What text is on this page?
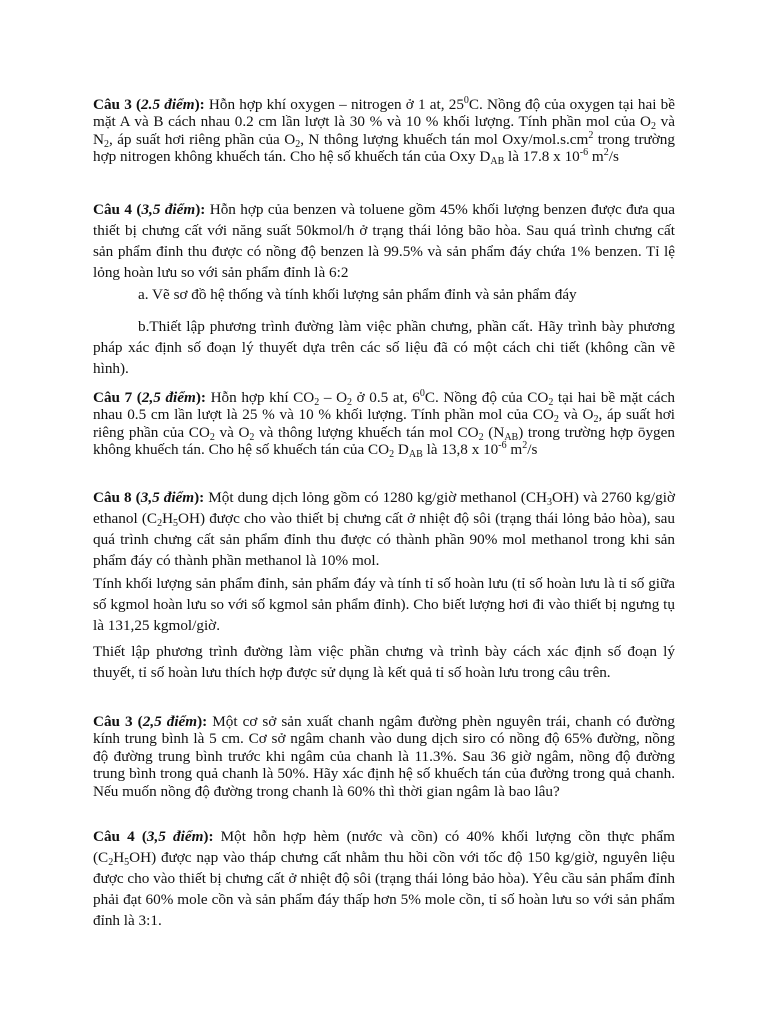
Câu 3 (2.5 điểm): Hỗn hợp khí oxygen – nitrogen ở 1 at, $25^0C$. Nồng độ của oxygen tại hai bề mặt A và B cách nhau 0.2 cm lần lượt là 30 % và 10 % khối lượng. Tính phần mol của $O_2$ và $N_2$, áp suất hơi riêng phần của $O_2$, N thông lượng khuếch tán mol Oxy/$mol.s.cm^2$ trong trường hợp nitrogen không khuếch tán. Cho hệ số khuếch tán của Oxy $D_{AB}$ là 17.8 x $10^{-6}$ $m^2/s$

Câu 4 (3,5 điểm): Hỗn hợp của benzen và toluene gồm 45% khối lượng benzen được đưa qua thiết bị chưng cất với năng suất 50kmol/h ở trạng thái lỏng bão hòa. Sau quá trình chưng cất sản phẩm đỉnh thu được có nồng độ benzen là 99.5% và sản phẩm đáy chứa 1% benzen. Tỉ lệ lỏng hoàn lưu so với sản phẩm đỉnh là 6:2

a. Vẽ sơ đồ hệ thống và tính khối lượng sản phẩm đỉnh và sản phẩm đáy

b.Thiết lập phương trình đường làm việc phần chưng, phần cất. Hãy trình bày phương pháp xác định số đoạn lý thuyết dựa trên các số liệu đã có một cách chi tiết (không cần vẽ hình).

Câu 7 (2,5 điểm): Hỗn hợp khí $CO_2 - O_2$ ở 0.5 at, $6^0C$. Nồng độ của $CO_2$ tại hai bề mặt cách nhau 0.5 cm lần lượt là 25 % và 10 % khối lượng. Tính phần mol của $CO_2$ và $O_2$, áp suất hơi riêng phần của $CO_2$ và $O_2$ và thông lượng khuếch tán mol $CO_2$ $(N_{AB})$ trong trường hợp ōygen không khuếch tán. Cho hệ số khuếch tán của $CO_2$ $D_{AB}$ là 13,8 x $10^{-6}$ $m^2/s$

Câu 8 (3,5 điểm): Một dung dịch lỏng gồm có 1280 kg/giờ methanol $(CH_3OH)$ và 2760 kg/giờ ethanol $(C_2H_5OH)$ được cho vào thiết bị chưng cất ở nhiệt độ sôi (trạng thái lỏng bảo hòa), sau quá trình chưng cất sản phẩm đỉnh thu được có thành phần 90% mol methanol trong khi sản phẩm đáy có thành phần methanol là 10% mol.

Tính khối lượng sản phẩm đỉnh, sản phẩm đáy và tính tỉ số hoàn lưu (tỉ số hoàn lưu là tỉ số giữa số kgmol hoàn lưu so với số kgmol sản phẩm đỉnh). Cho biết lượng hơi đi vào thiết bị ngưng tụ là 131,25 kgmol/giờ.

Thiết lập phương trình đường làm việc phần chưng và trình bày cách xác định số đoạn lý thuyết, tỉ số hoàn lưu thích hợp được sử dụng là kết quả tỉ số hoàn lưu trong câu trên.

Câu 3 (2,5 điểm): Một cơ sở sản xuất chanh ngâm đường phèn nguyên trái, chanh có đường kính trung bình là 5 cm. Cơ sở ngâm chanh vào dung dịch siro có nồng độ 65% đường, nồng độ đường trung bình trước khi ngâm của chanh là 11.3%. Sau 36 giờ ngâm, nồng độ đường trung bình trong quả chanh là 50%. Hãy xác định hệ số khuếch tán của đường trong quả chanh. Nếu muốn nồng độ đường trong chanh là 60% thì thời gian ngâm là bao lâu?

Câu 4 (3,5 điểm): Một hỗn hợp hèm (nước và cồn) có 40% khối lượng cồn thực phẩm $(C_2H_5OH)$ được nạp vào tháp chưng cất nhằm thu hồi cồn với tốc độ 150 kg/giờ, nguyên liệu được cho vào thiết bị chưng cất ở nhiệt độ sôi (trạng thái lỏng bảo hòa). Yêu cầu sản phẩm đỉnh phải đạt 60% mole cồn và sản phẩm đáy thấp hơn 5% mole cồn, tỉ số hoàn lưu so với sản phẩm đỉnh là 3:1.
